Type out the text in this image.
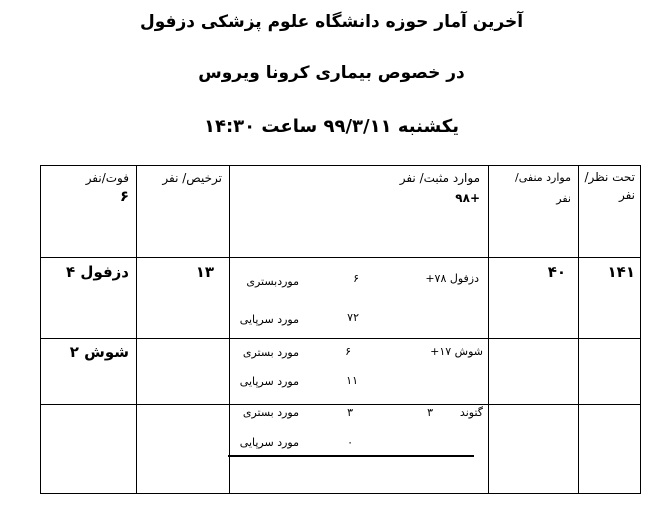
آخرین آمار حوزه دانشگاه علوم پزشکی دزفول
در خصوص بیماری کرونا ویروس
یکشنبه ۹۹/۳/۱۱ ساعت ۱۴:۳۰
تحت نظر/
نفر
موارد منفی/
نفر
موارد مثبت/ نفر
+۹۸
ترخیص/ نفر
فوت/نفر
۶
۱۴۱
۴۰
دزفول ۷۸+
۶
موردبستری
۷۲
مورد سرپایی
۱۳
دزفول ۴
شوش ۱۷+
۶
مورد بستری
۱۱
مورد سرپایی
شوش ۲
گتوند
۳
۳
مورد بستری
۰
مورد سرپایی
